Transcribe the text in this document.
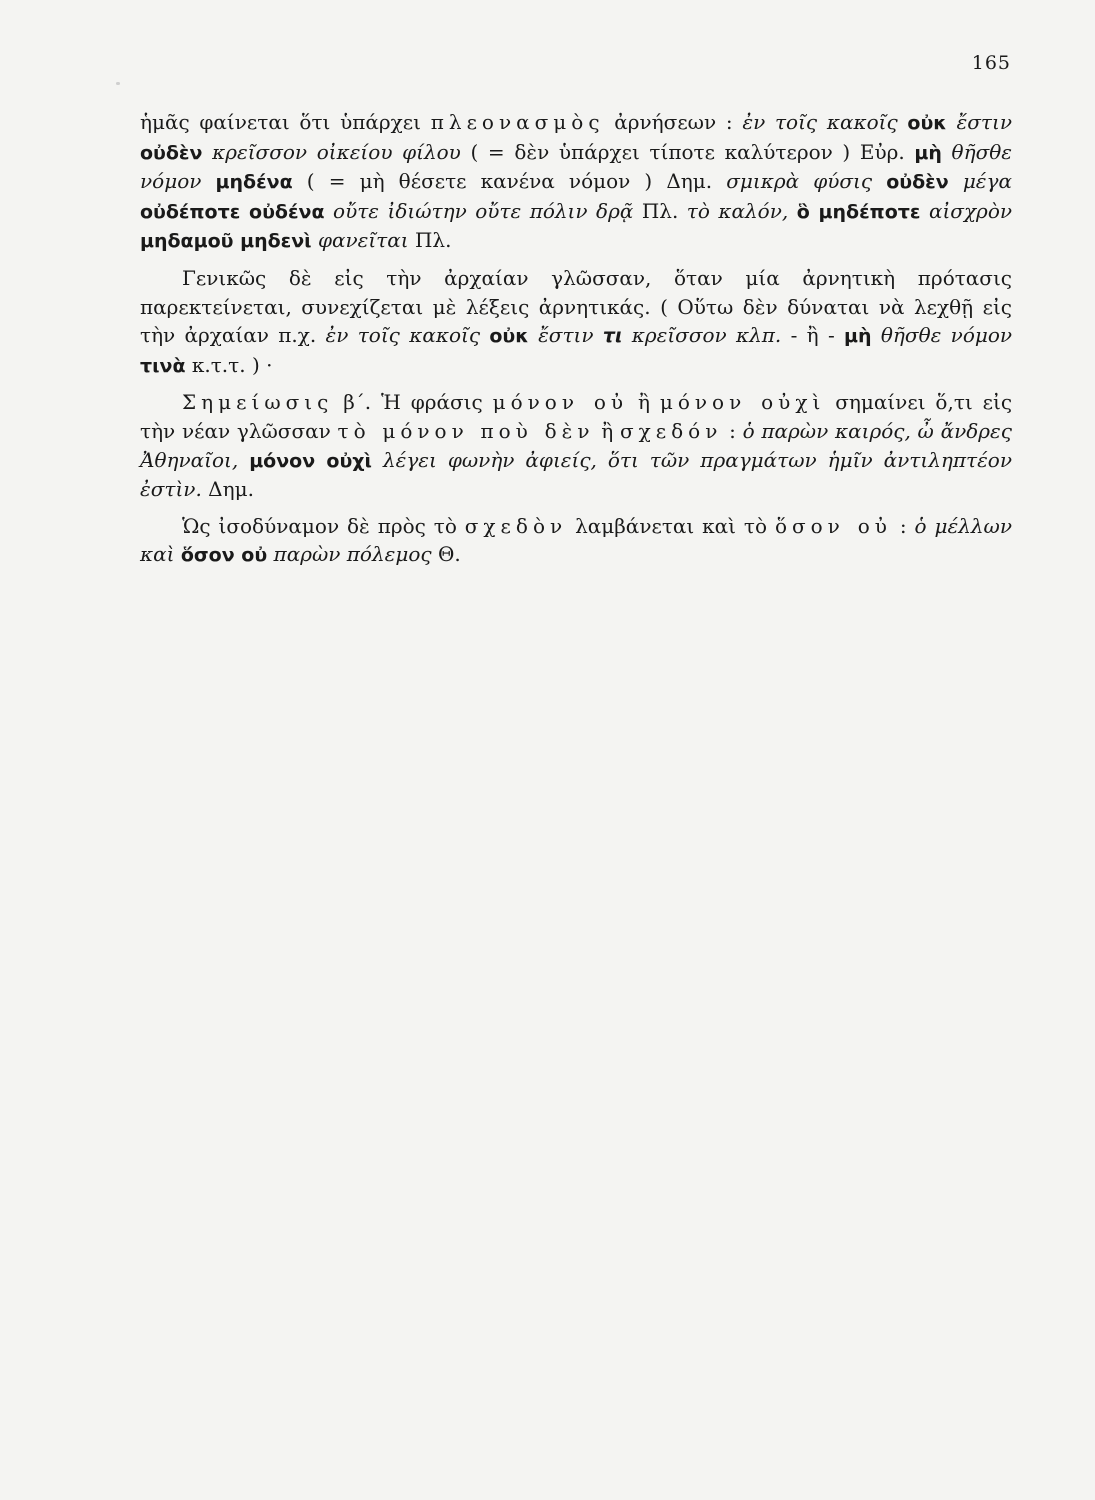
165

ἡμᾶς φαίνεται ὅτι ὑπάρχει πλεονασμὸς ἀρνήσεων : ἐν τοῖς κακοῖς οὐκ ἔστιν οὐδὲν κρεῖσσον οἰκείου φίλου ( = δὲν ὑπάρχει τίποτε καλύτερον ) Εὐρ. μὴ θῆσθε νόμον μηδένα ( = μὴ θέσετε κανένα νόμον ) Δημ. σμικρὰ φύσις οὐδὲν μέγα οὐδέποτε οὐδένα οὔτε ἰδιώτην οὔτε πόλιν δρᾷ Πλ. τὸ καλόν, ὃ μηδέποτε αἰσχρὸν μηδαμοῦ μηδενὶ φανεῖται Πλ.

Γενικῶς δὲ εἰς τὴν ἀρχαίαν γλῶσσαν, ὅταν μία ἀρνητικὴ πρότασις παρεκτείνεται, συνεχίζεται μὲ λέξεις ἀρνητικάς. ( Οὕτω δὲν δύναται νὰ λεχθῇ εἰς τὴν ἀρχαίαν π.χ. ἐν τοῖς κακοῖς οὐκ ἔστιν τι κρεῖσσον κλπ. - ἢ - μὴ θῆσθε νόμον τινὰ κ.τ.τ. ) ·

Σημείωσις β΄. Ἡ φράσις μόνον οὐ ἢ μόνον οὐχὶ σημαίνει ὅ,τι εἰς τὴν νέαν γλῶσσαν τὸ μόνον ποὺ δὲν ἢ σχεδόν : ὁ παρὼν καιρός, ὦ ἄνδρες Ἀθηναῖοι, μόνον οὐχὶ λέγει φωνὴν ἀφιείς, ὅτι τῶν πραγμάτων ἡμῖν ἀντιληπτέον ἐστὶν. Δημ.

Ὡς ἰσοδύναμον δὲ πρὸς τὸ σχεδὸν λαμβάνεται καὶ τὸ ὅσον οὐ : ὁ μέλλων καὶ ὅσον οὐ παρὼν πόλεμος Θ.
